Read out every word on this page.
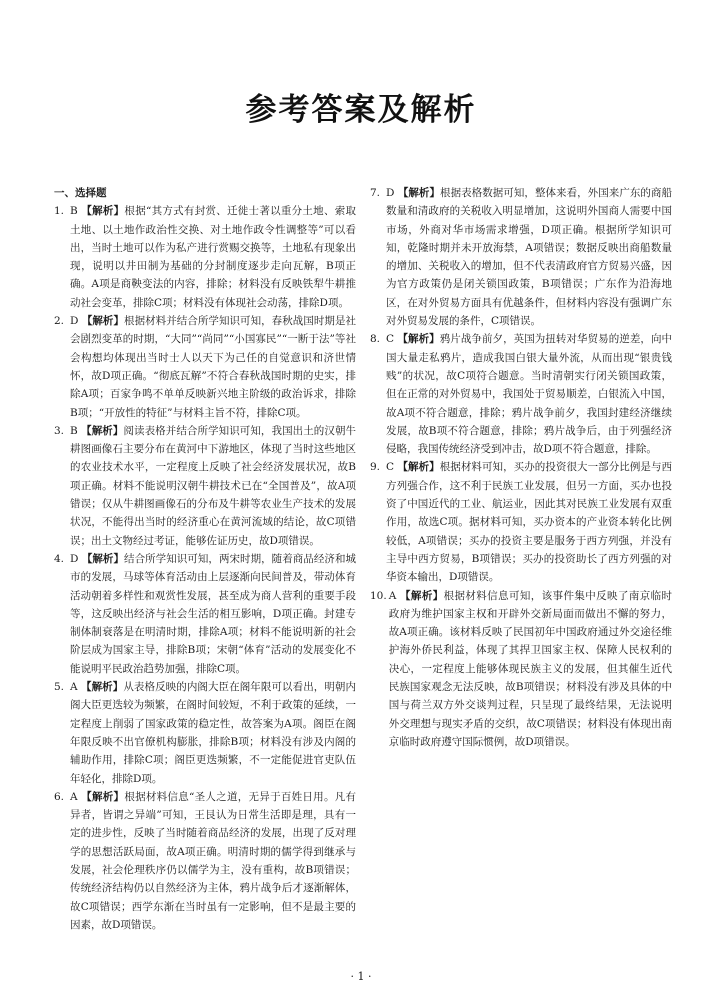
参考答案及解析
一、选择题
1. B 【解析】根据“其方式有封赏、迁徙士著以重分土地、索取土地、以土地作政治性交换、对土地作政令性调整等”可以看出，当时土地可以作为私产进行赏赐交换等，土地私有现象出现，说明以井田制为基础的分封制度逐步走向瓦解，B项正确。A项是商鞅变法的内容，排除；材料没有反映铁犁牛耕推动社会变革，排除C项；材料没有体现社会动荡，排除D项。
2. D 【解析】根据材料并结合所学知识可知，春秋战国时期是社会剧烈变革的时期，“大同”“尚同”“小国寡民”“一断于法”等社会构想均体现出当时士人以天下为己任的自觉意识和济世情怀，故D项正确。“彻底瓦解”不符合春秋战国时期的史实，排除A项；百家争鸣不单单反映新兴地主阶级的政治诉求，排除B项；“开放性的特征”与材料主旨不符，排除C项。
3. B 【解析】阅读表格并结合所学知识可知，我国出土的汉朝牛耕图画像石主要分布在黄河中下游地区，体现了当时这些地区的农业技术水平，一定程度上反映了社会经济发展状况，故B项正确。材料不能说明汉朝牛耕技术已在“全国普及”，故A项错误；仅从牛耕图画像石的分布及牛耕等农业生产技术的发展状况，不能得出当时的经济重心在黄河流域的结论，故C项错误；出土文物经过考证，能够佐证历史，故D项错误。
4. D 【解析】结合所学知识可知，两宋时期，随着商品经济和城市的发展，马球等体育活动由上层逐渐向民间普及，带动体育活动朝着多样性和观赏性发展，甚至成为商人营利的重要手段等，这反映出经济与社会生活的相互影响，D项正确。封建专制体制衰落是在明清时期，排除A项；材料不能说明新的社会阶层成为国家主导，排除B项；宋朝“体育”活动的发展变化不能说明平民政治趋势加强，排除C项。
5. A 【解析】从表格反映的内阁大臣在阁年限可以看出，明朝内阁大臣更迭较为频繁，在阁时间较短，不利于政策的延续，一定程度上削弱了国家政策的稳定性，故答案为A项。阁臣在阁年限反映不出官僚机构膨胀，排除B项；材料没有涉及内阁的辅助作用，排除C项；阁臣更迭频繁，不一定能促进官吏队伍年轻化，排除D项。
6. A 【解析】根据材料信息“圣人之道，无异于百姓日用。凡有异者，皆谓之异端”可知，王艮认为日常生活即是理，具有一定的进步性，反映了当时随着商品经济的发展，出现了反对理学的思想活跃局面，故A项正确。明清时期的儒学得到继承与发展，社会伦理秩序仍以儒学为主，没有重构，故B项错误；传统经济结构仍以自然经济为主体，鸦片战争后才逐渐解体，故C项错误；西学东渐在当时虽有一定影响，但不是最主要的因素，故D项错误。
7. D 【解析】根据表格数据可知，整体来看，外国来广东的商船数量和清政府的关税收入明显增加，这说明外国商人需要中国市场，外商对华市场需求增强，D项正确。根据所学知识可知，乾隆时期并未开放海禁，A项错误；数据反映出商船数量的增加、关税收入的增加，但不代表清政府官方贸易兴盛，因为官方政策仍是闭关锁国政策，B项错误；广东作为沿海地区，在对外贸易方面具有优越条件，但材料内容没有强调广东对外贸易发展的条件，C项错误。
8. C 【解析】鸦片战争前夕，英国为扭转对华贸易的逆差，向中国大量走私鸦片，造成我国白银大量外流，从而出现“银贵钱贱”的状况，故C项符合题意。当时清朝实行闭关锁国政策，但在正常的对外贸易中，我国处于贸易顺差，白银流入中国，故A项不符合题意，排除；鸦片战争前夕，我国封建经济继续发展，故B项不符合题意，排除；鸦片战争后，由于列强经济侵略，我国传统经济受到冲击，故D项不符合题意，排除。
9. C 【解析】根据材料可知，买办的投资很大一部分比例是与西方列强合作，这不利于民族工业发展，但另一方面，买办也投资了中国近代的工业、航运业，因此其对民族工业发展有双重作用，故选C项。据材料可知，买办资本的产业资本转化比例较低，A项错误；买办的投资主要是服务于西方列强，并没有主导中西方贸易，B项错误；买办的投资助长了西方列强的对华资本输出，D项错误。
10. A 【解析】根据材料信息可知，该事件集中反映了南京临时政府为维护国家主权和开辟外交新局面而做出不懈的努力，故A项正确。该材料反映了民国初年中国政府通过外交途径维护海外侨民利益，体现了其捍卫国家主权、保障人民权利的决心，一定程度上能够体现民族主义的发展，但其催生近代民族国家观念无法反映，故B项错误；材料没有涉及具体的中国与荷兰双方外交谈判过程，只呈现了最终结果，无法说明外交理想与现实矛盾的交织，故C项错误；材料没有体现出南京临时政府遵守国际惯例，故D项错误。
· 1 ·
